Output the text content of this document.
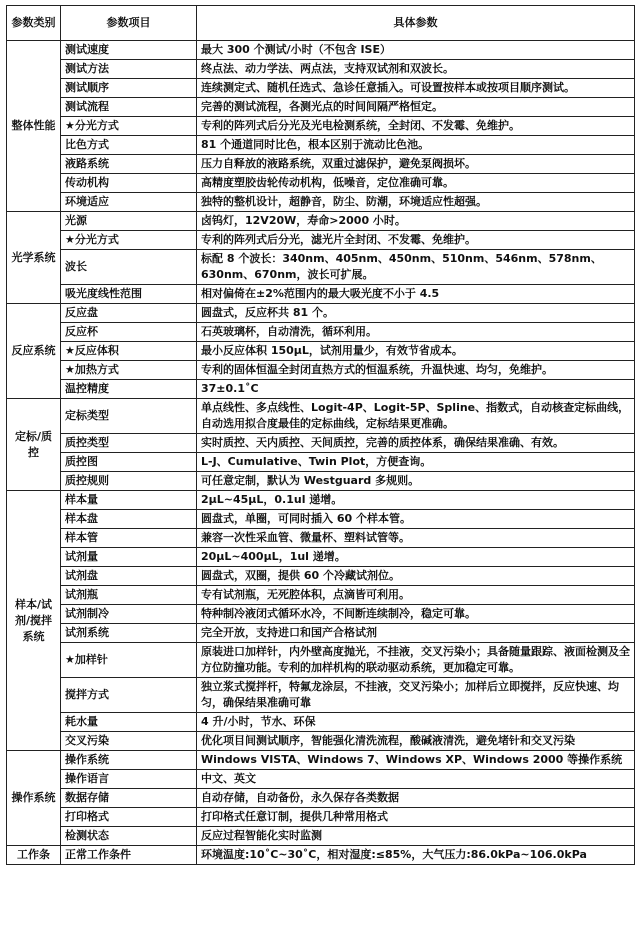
参数类别	参数项目	具体参数
整体性能	测试速度	最大 300 个测试/小时（不包含 ISE）
	测试方法	终点法、动力学法、两点法，支持双试剂和双波长。
	测试顺序	连续测定式、随机任选式、急诊任意插入。可设置按样本或按项目顺序测试。
	测试流程	完善的测试流程，各测光点的时间间隔严格恒定。
	★分光方式	专利的阵列式后分光及光电检测系统，全封闭、不发霉、免维护。
	比色方式	81 个通道同时比色，根本区别于流动比色池。
	液路系统	压力自释放的液路系统，双重过滤保护，避免泵阀损坏。
	传动机构	高精度塑胶齿轮传动机构，低噪音，定位准确可靠。
	环境适应	独特的整机设计，超静音，防尘、防潮，环境适应性超强。
光学系统	光源	卤钨灯，12V20W，寿命>2000 小时。
	★分光方式	专利的阵列式后分光，滤光片全封闭、不发霉、免维护。
	波长	标配 8 个波长：340nm、405nm、450nm、510nm、546nm、578nm、630nm、670nm，波长可扩展。
	吸光度线性范围	相对偏倚在±2%范围内的最大吸光度不小于 4.5
反应系统	反应盘	圆盘式，反应杯共 81 个。
	反应杯	石英玻璃杯，自动清洗，循环利用。
	★反应体积	最小反应体积 150μL，试剂用量少，有效节省成本。
	★加热方式	专利的固体恒温全封闭直热方式的恒温系统，升温快速、均匀，免维护。
	温控精度	37±0.1˚C
定标/质控	定标类型	单点线性、多点线性、Logit-4P、Logit-5P、Spline、指数式，自动核查定标曲线，自动选用拟合度最佳的定标曲线，定标结果更准确。
	质控类型	实时质控、天内质控、天间质控，完善的质控体系，确保结果准确、有效。
	质控图	L-J、Cumulative、Twin Plot，方便查询。
	质控规则	可任意定制，默认为 Westguard 多规则。
样本/试剂/搅拌系统	样本量	2μL~45μL，0.1ul 递增。
	样本盘	圆盘式，单圈，可同时插入 60 个样本管。
	样本管	兼容一次性采血管、微量杯、塑料试管等。
	试剂量	20μL~400μL，1ul 递增。
	试剂盘	圆盘式，双圈，提供 60 个冷藏试剂位。
	试剂瓶	专有试剂瓶，无死腔体积，点滴皆可利用。
	试剂制冷	特种制冷液闭式循环水冷，不间断连续制冷，稳定可靠。
	试剂系统	完全开放，支持进口和国产合格试剂
	★加样针	原装进口加样针，内外壁高度抛光，不挂液，交叉污染小；具备随量跟踪、液面检测及全方位防撞功能。专利的加样机构的联动驱动系统，更加稳定可靠。
	搅拌方式	独立浆式搅拌杆，特氟龙涂层，不挂液，交叉污染小；加样后立即搅拌，反应快速、均匀，确保结果准确可靠
	耗水量	4 升/小时，节水、环保
	交叉污染	优化项目间测试顺序，智能强化清洗流程，酸碱液清洗，避免堵针和交叉污染
操作系统	操作系统	Windows VISTA、Windows 7、Windows XP、Windows 2000 等操作系统
	操作语言	中文、英文
	数据存储	自动存储，自动备份，永久保存各类数据
	打印格式	打印格式任意订制，提供几种常用格式
	检测状态	反应过程智能化实时监测
工作条	正常工作条件	环境温度:10˚C~30˚C，相对湿度:≤85%，大气压力:86.0kPa~106.0kPa
